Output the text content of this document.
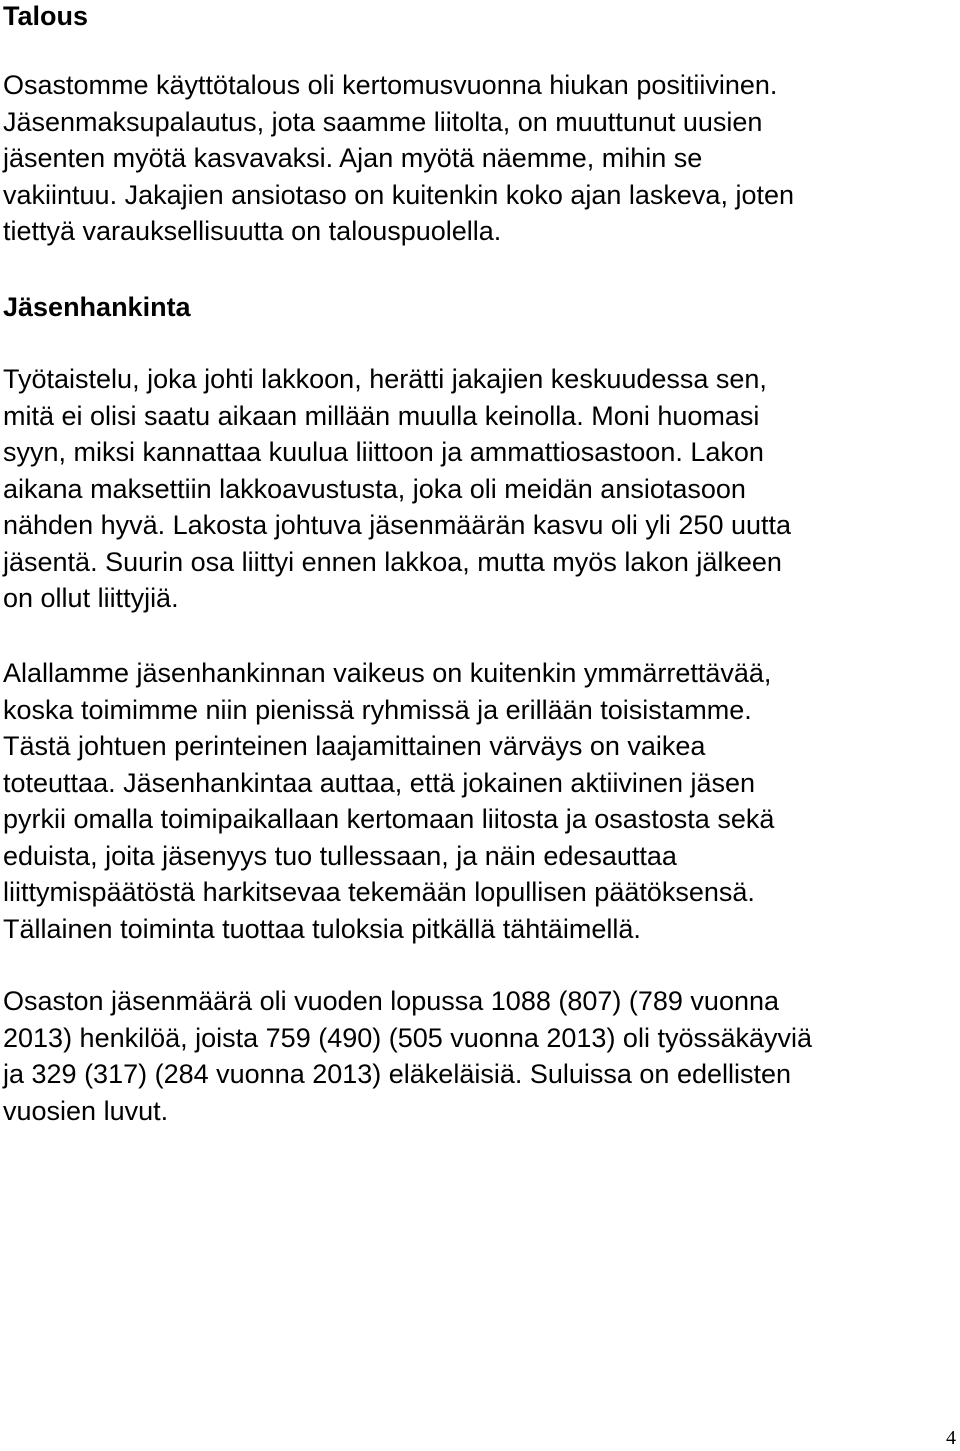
Talous

Osastomme käyttötalous oli kertomusvuonna hiukan positiivinen.
Jäsenmaksupalautus, jota saamme liitolta, on muuttunut uusien
jäsenten myötä kasvavaksi. Ajan myötä näemme, mihin se
vakiintuu. Jakajien ansiotaso on kuitenkin koko ajan laskeva, joten
tiettyä varauksellisuutta on talouspuolella.

Jäsenhankinta

Työtaistelu, joka johti lakkoon, herätti jakajien keskuudessa sen,
mitä ei olisi saatu aikaan millään muulla keinolla. Moni huomasi
syyn, miksi kannattaa kuulua liittoon ja ammattiosastoon. Lakon
aikana maksettiin lakkoavustusta, joka oli meidän ansiotasoon
nähden hyvä. Lakosta johtuva jäsenmäärän kasvu oli yli 250 uutta
jäsentä. Suurin osa liittyi ennen lakkoa, mutta myös lakon jälkeen
on ollut liittyjiä.

Alallamme jäsenhankinnan vaikeus on kuitenkin ymmärrettävää,
koska toimimme niin pienissä ryhmissä ja erillään toisistamme.
Tästä johtuen perinteinen laajamittainen värväys on vaikea
toteuttaa. Jäsenhankintaa auttaa, että jokainen aktiivinen jäsen
pyrkii omalla toimipaikallaan kertomaan liitosta ja osastosta sekä
eduista, joita jäsenyys tuo tullessaan, ja näin edesauttaa
liittymispäätöstä harkitsevaa tekemään lopullisen päätöksensä.
Tällainen toiminta tuottaa tuloksia pitkällä tähtäimellä.

Osaston jäsenmäärä oli vuoden lopussa 1088 (807) (789 vuonna
2013) henkilöä, joista 759 (490) (505 vuonna 2013) oli työssäkäyviä
ja 329 (317) (284 vuonna 2013) eläkeläisiä. Suluissa on edellisten
vuosien luvut.

4
